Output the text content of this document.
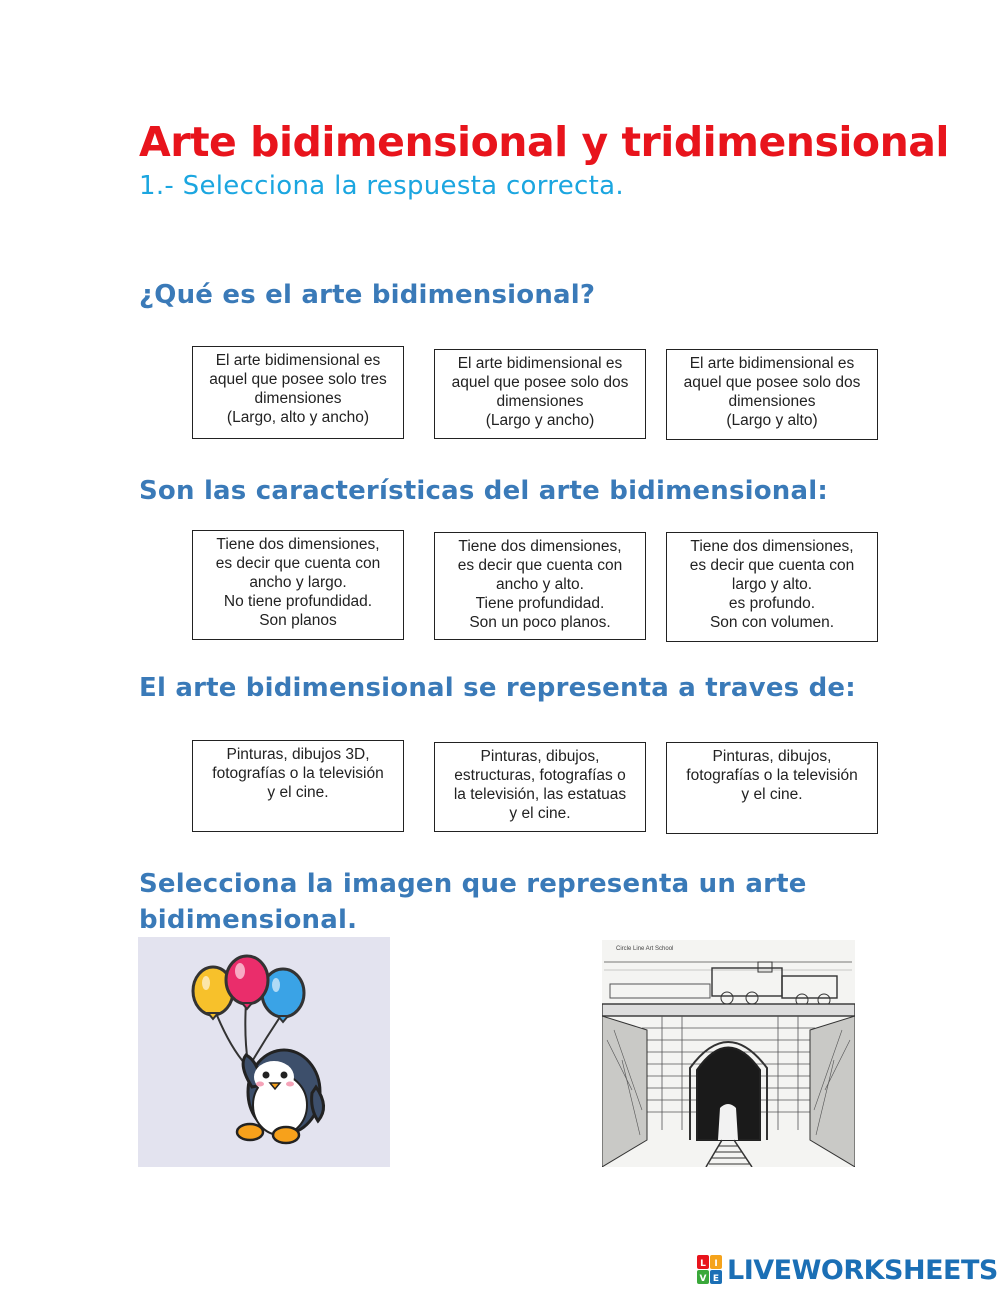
Arte bidimensional y tridimensional
1.- Selecciona la respuesta correcta.
¿Qué es el arte bidimensional?
El arte bidimensional es
aquel que posee solo tres
dimensiones
(Largo, alto y ancho)
El arte bidimensional es
aquel que posee solo dos
dimensiones
(Largo y ancho)
El arte bidimensional es
aquel que posee solo dos
dimensiones
(Largo y alto)
Son las características del arte bidimensional:
Tiene dos dimensiones,
es decir que cuenta con
ancho y largo.
No tiene profundidad.
Son planos
Tiene dos dimensiones,
es decir que cuenta con
ancho y alto.
Tiene profundidad.
Son un poco planos.
Tiene dos dimensiones,
es decir que cuenta con
largo y alto.
es profundo.
Son con volumen.
El arte bidimensional se representa a traves de:
Pinturas, dibujos 3D,
fotografías o la televisión
y el cine.
Pinturas, dibujos,
estructuras, fotografías o
la televisión, las estatuas
y el cine.
Pinturas, dibujos,
fotografías o la televisión
y el cine.
Selecciona la imagen que representa un arte
bidimensional.
Circle Line Art School
L I
V E LIVEWORKSHEETS
